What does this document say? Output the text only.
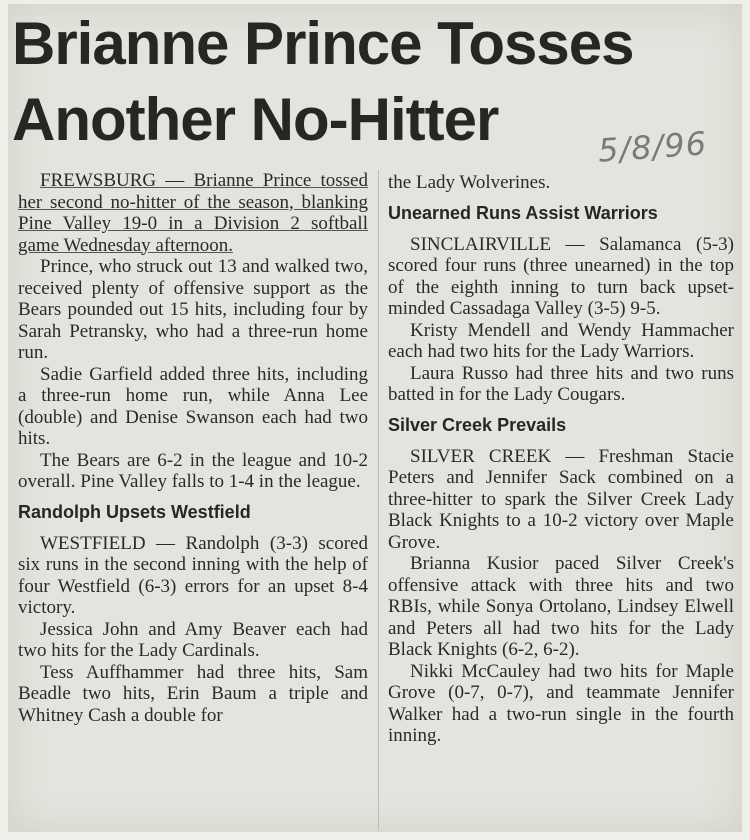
Brianne Prince Tosses
Another No-Hitter	5/8/96

FREWSBURG — Brianne Prince tossed her second no-hitter of the season, blanking Pine Valley 19-0 in a Division 2 softball game Wednesday afternoon.

Prince, who struck out 13 and walked two, received plenty of offensive support as the Bears pounded out 15 hits, including four by Sarah Petransky, who had a three-run home run.

Sadie Garfield added three hits, including a three-run home run, while Anna Lee (double) and Denise Swanson each had two hits.

The Bears are 6-2 in the league and 10-2 overall. Pine Valley falls to 1-4 in the league.

Randolph Upsets Westfield

WESTFIELD — Randolph (3-3) scored six runs in the second inning with the help of four Westfield (6-3) errors for an upset 8-4 victory.

Jessica John and Amy Beaver each had two hits for the Lady Cardinals.

Tess Auffhammer had three hits, Sam Beadle two hits, Erin Baum a triple and Whitney Cash a double for

the Lady Wolverines.

Unearned Runs Assist Warriors

SINCLAIRVILLE — Salamanca (5-3) scored four runs (three unearned) in the top of the eighth inning to turn back upset-minded Cassadaga Valley (3-5) 9-5.

Kristy Mendell and Wendy Hammacher each had two hits for the Lady Warriors.

Laura Russo had three hits and two runs batted in for the Lady Cougars.

Silver Creek Prevails

SILVER CREEK — Freshman Stacie Peters and Jennifer Sack combined on a three-hitter to spark the Silver Creek Lady Black Knights to a 10-2 victory over Maple Grove.

Brianna Kusior paced Silver Creek's offensive attack with three hits and two RBIs, while Sonya Ortolano, Lindsey Elwell and Peters all had two hits for the Lady Black Knights (6-2, 6-2).

Nikki McCauley had two hits for Maple Grove (0-7, 0-7), and teammate Jennifer Walker had a two-run single in the fourth inning.
